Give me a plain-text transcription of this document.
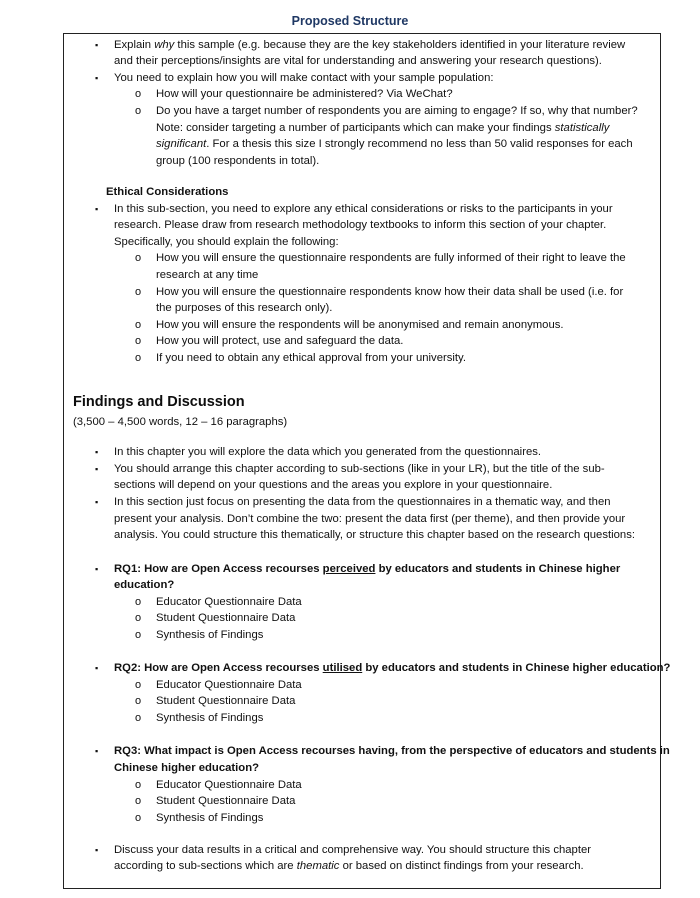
Proposed Structure
▪ Explain why this sample (e.g. because they are the key stakeholders identified in your literature review
and their perceptions/insights are vital for understanding and answering your research questions).
▪ You need to explain how you will make contact with your sample population:
o How will your questionnaire be administered? Via WeChat?
o Do you have a target number of respondents you are aiming to engage? If so, why that number?
Note: consider targeting a number of participants which can make your findings statistically
significant. For a thesis this size I strongly recommend no less than 50 valid responses for each
group (100 respondents in total).
Ethical Considerations
▪ In this sub-section, you need to explore any ethical considerations or risks to the participants in your
research. Please draw from research methodology textbooks to inform this section of your chapter.
Specifically, you should explain the following:
o How you will ensure the questionnaire respondents are fully informed of their right to leave the
research at any time
o How you will ensure the questionnaire respondents know how their data shall be used (i.e. for
the purposes of this research only).
o How you will ensure the respondents will be anonymised and remain anonymous.
o How you will protect, use and safeguard the data.
o If you need to obtain any ethical approval from your university.
Findings and Discussion
(3,500 – 4,500 words, 12 – 16 paragraphs)
▪ In this chapter you will explore the data which you generated from the questionnaires.
▪ You should arrange this chapter according to sub-sections (like in your LR), but the title of the sub-
sections will depend on your questions and the areas you explore in your questionnaire.
▪ In this section just focus on presenting the data from the questionnaires in a thematic way, and then
present your analysis. Don’t combine the two: present the data first (per theme), and then provide your
analysis. You could structure this thematically, or structure this chapter based on the research questions:
▪ RQ1: How are Open Access recourses perceived by educators and students in Chinese higher
education?
o Educator Questionnaire Data
o Student Questionnaire Data
o Synthesis of Findings
▪ RQ2: How are Open Access recourses utilised by educators and students in Chinese higher education?
o Educator Questionnaire Data
o Student Questionnaire Data
o Synthesis of Findings
▪ RQ3: What impact is Open Access recourses having, from the perspective of educators and students in
Chinese higher education?
o Educator Questionnaire Data
o Student Questionnaire Data
o Synthesis of Findings
▪ Discuss your data results in a critical and comprehensive way. You should structure this chapter
according to sub-sections which are thematic or based on distinct findings from your research.
